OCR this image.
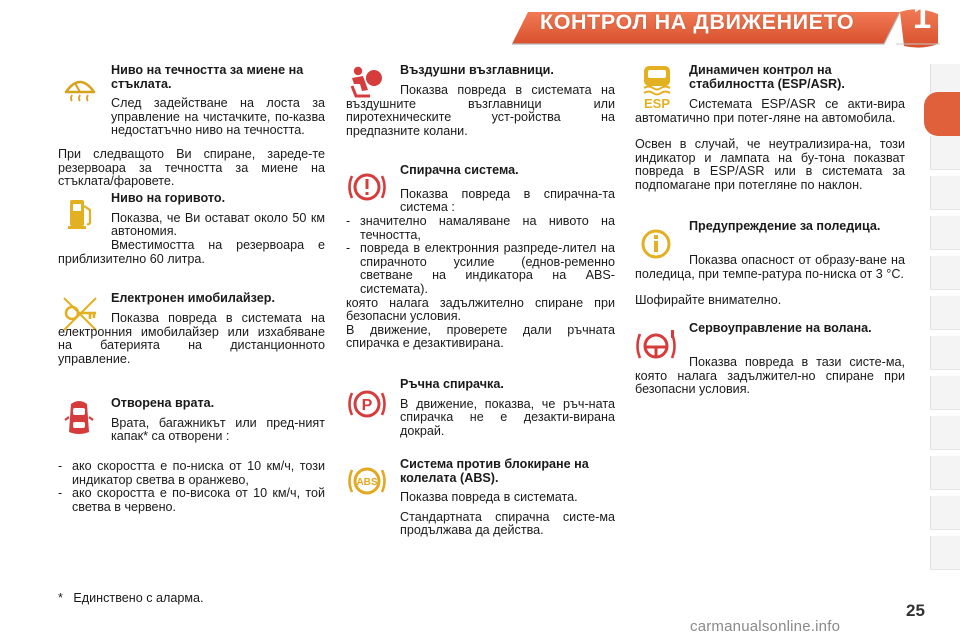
КОНТРОЛ НА ДВИЖЕНИЕТО 1
Ниво на течността за миене на стъклата.
След задействане на лоста за управление на чистачките, по-казва недостатъчно ниво на течността.
При следващото Ви спиране, зареде-те резервоара за течността за миене на стъклата/фаровете.
Ниво на горивото.
Показва, че Ви остават около 50 км автономия.
Вместимостта на резервоара е приблизително 60 литра.
Електронен имобилайзер.
Показва повреда в системата на електронния имобилайзер или изхабяване на батерията на дистанционното управление.
Отворена врата.
Врата, багажникът или пред-ният капак* са отворени :
- ако скоростта е по-ниска от 10 км/ч, този индикатор светва в оранжево,
- ако скоростта е по-висока от 10 км/ч, той светва в червено.
Въздушни възглавници.
Показва повреда в системата на въздушните възглавници или пиротехническите уст-ройства на предпазните колани.
Спирачна система.
Показва повреда в спирачна-та система :
- значително намаляване на нивото на течността,
- повреда в електронния разпреде-лител на спирачното усилие (еднов-ременно светване на индикатора на ABS-системата).
която налага задължително спиране при безопасни условия.
В движение, проверете дали ръчната спирачка е дезактивирана.
P
Ръчна спирачка.
В движение, показва, че ръч-ната спирачка не е дезакти-вирана докрай.
ABS
Система против блокиране на колелата (ABS).
Показва повреда в системата.
Стандартната спирачна систе-ма продължава да действа.
ESP
Динамичен контрол на стабилността (ESP/ASR).
Системата ESP/ASR се акти-вира автоматично при потег-ляне на автомобила.
Освен в случай, че неутрализира-на, този индикатор и лампата на бу-тона показват повреда в ESP/ASR или в системата за подпомагане при потегляне по наклон.
Предупреждение за поледица.
Показва опасност от образу-ване на поледица, при темпе-ратура по-ниска от 3 °C.
Шофирайте внимателно.
Сервоуправление на волана.
Показва повреда в тази систе-ма, която налага задължител-но спиране при безопасни условия.
*   Единствено с аларма.
25
carmanualsonline.info
